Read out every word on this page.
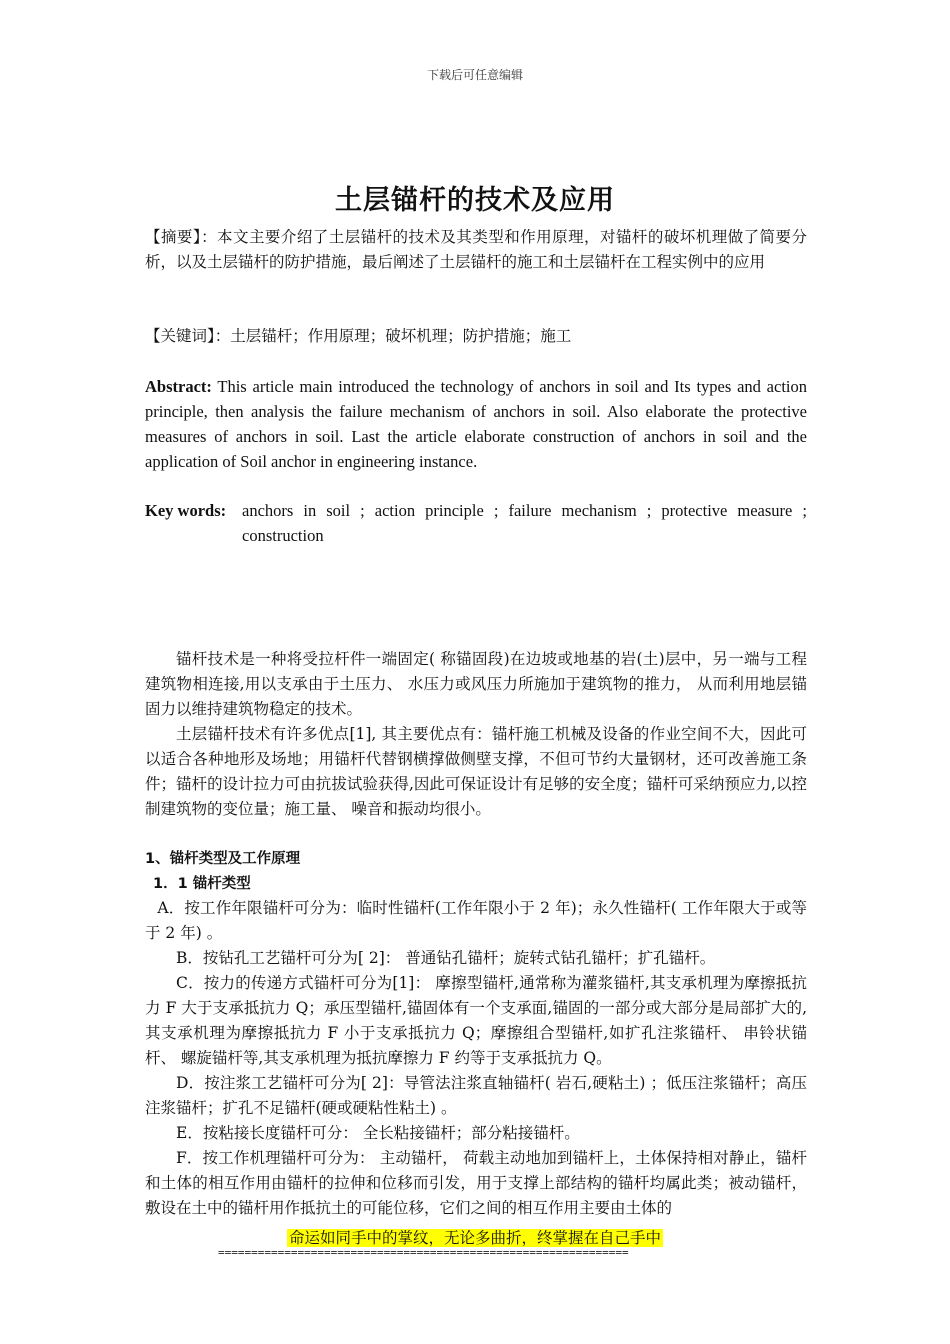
下载后可任意编辑
土层锚杆的技术及应用
【摘要】：本文主要介绍了土层锚杆的技术及其类型和作用原理，对锚杆的破坏机理做了简要分析，以及土层锚杆的防护措施，最后阐述了土层锚杆的施工和土层锚杆在工程实例中的应用
【关键词】：土层锚杆；作用原理；破坏机理；防护措施；施工
Abstract: This article main introduced the technology of anchors in soil and Its types and action principle, then analysis the failure mechanism of anchors in soil. Also elaborate the protective measures of anchors in soil. Last the article elaborate construction of anchors in soil and the application of Soil anchor in engineering instance.
Key words: anchors in soil ; action principle ; failure mechanism ; protective measure ; construction

锚杆技术是一种将受拉杆件一端固定( 称锚固段)在边坡或地基的岩(土)层中，另一端与工程建筑物相连接,用以支承由于土压力、 水压力或风压力所施加于建筑物的推力， 从而利用地层锚固力以维持建筑物稳定的技术。

土层锚杆技术有许多优点[1], 其主要优点有：锚杆施工机械及设备的作业空间不大，因此可以适合各种地形及场地；用锚杆代替钢横撑做侧壁支撑，不但可节约大量钢材，还可改善施工条件；锚杆的设计拉力可由抗拔试验获得,因此可保证设计有足够的安全度；锚杆可采纳预应力,以控制建筑物的变位量；施工量、 噪音和振动均很小。

1、锚杆类型及工作原理
1．1 锚杆类型

A．按工作年限锚杆可分为：临时性锚杆(工作年限小于 2 年)；永久性锚杆( 工作年限大于或等于 2 年) 。

B．按钻孔工艺锚杆可分为[ 2]： 普通钻孔锚杆；旋转式钻孔锚杆；扩孔锚杆。

C．按力的传递方式锚杆可分为[1]： 摩擦型锚杆,通常称为灌浆锚杆,其支承机理为摩擦抵抗力 F 大于支承抵抗力 Q；承压型锚杆,锚固体有一个支承面,锚固的一部分或大部分是局部扩大的,其支承机理为摩擦抵抗力 F 小于支承抵抗力 Q；摩擦组合型锚杆,如扩孔注浆锚杆、 串铃状锚杆、 螺旋锚杆等,其支承机理为抵抗摩擦力 F 约等于支承抵抗力 Q。

D．按注浆工艺锚杆可分为[ 2]：导管法注浆直轴锚杆( 岩石,硬粘土) ；低压注浆锚杆；高压注浆锚杆；扩孔不足锚杆(硬或硬粘性粘土) 。

E．按粘接长度锚杆可分： 全长粘接锚杆；部分粘接锚杆。

F．按工作机理锚杆可分为： 主动锚杆， 荷载主动地加到锚杆上，土体保持相对静止，锚杆和土体的相互作用由锚杆的拉伸和位移而引发，用于支撑上部结构的锚杆均属此类；被动锚杆，敷设在土中的锚杆用作抵抗土的可能位移，它们之间的相互作用主要由土体的

命运如同手中的掌纹，无论多曲折，终掌握在自己手中
==============================================================
